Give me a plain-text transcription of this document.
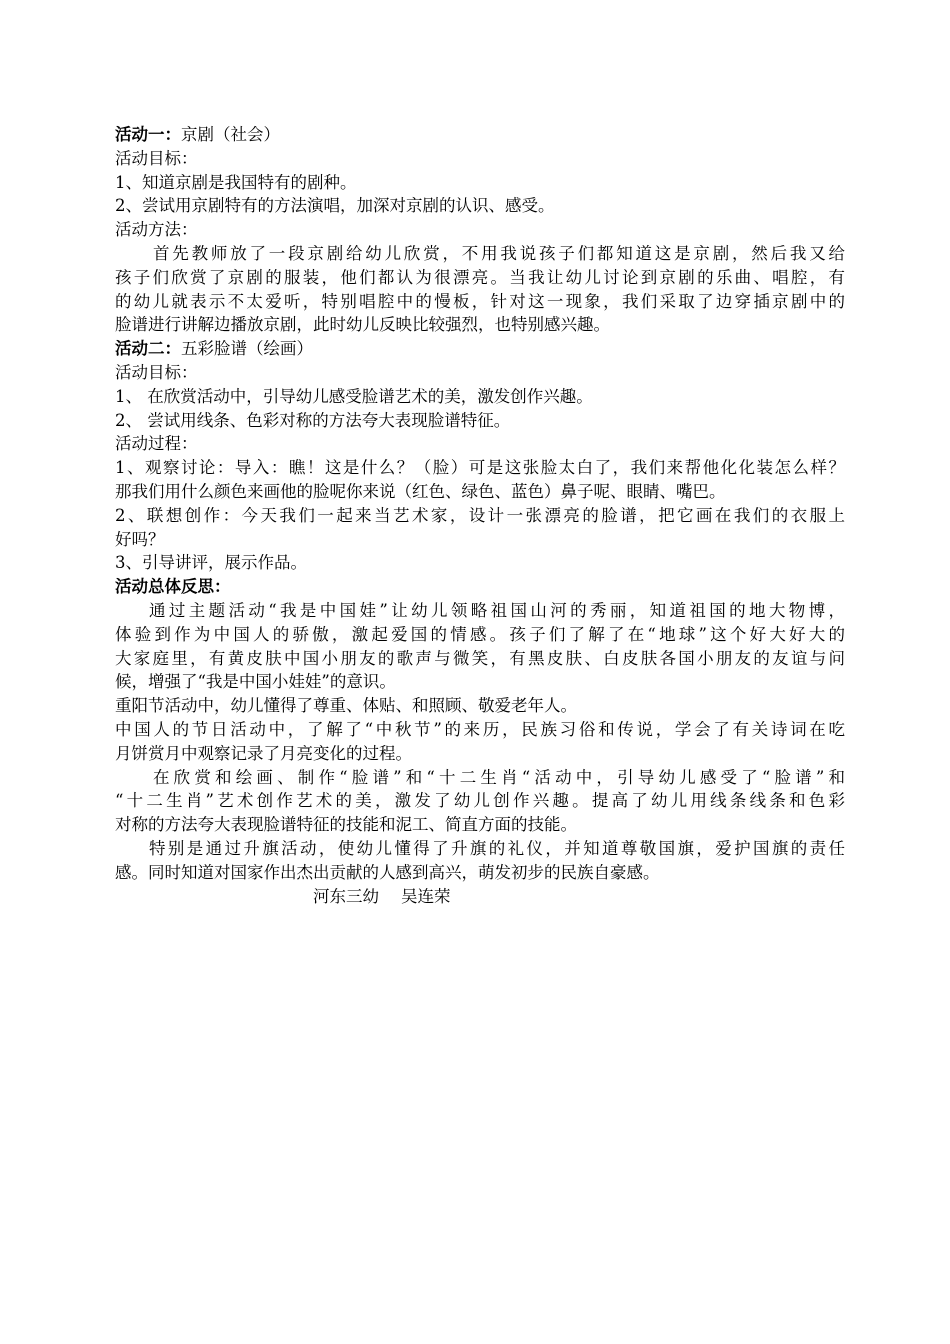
活动一：京剧（社会）
活动目标：
1、知道京剧是我国特有的剧种。
2、尝试用京剧特有的方法演唱，加深对京剧的认识、感受。
活动方法：
首先教师放了一段京剧给幼儿欣赏，不用我说孩子们都知道这是京剧，然后我又给
孩子们欣赏了京剧的服装，他们都认为很漂亮。当我让幼儿讨论到京剧的乐曲、唱腔，有
的幼儿就表示不太爱听，特别唱腔中的慢板，针对这一现象，我们采取了边穿插京剧中的
脸谱进行讲解边播放京剧，此时幼儿反映比较强烈，也特别感兴趣。
活动二：五彩脸谱（绘画）
活动目标：
1、 在欣赏活动中，引导幼儿感受脸谱艺术的美，激发创作兴趣。
2、 尝试用线条、色彩对称的方法夸大表现脸谱特征。
活动过程：
1、观察讨论：导入：瞧！这是什么？（脸）可是这张脸太白了，我们来帮他化化装怎么样？
那我们用什么颜色来画他的脸呢你来说（红色、绿色、蓝色）鼻子呢、眼睛、嘴巴。
2、联想创作：今天我们一起来当艺术家，设计一张漂亮的脸谱，把它画在我们的衣服上
好吗？
3、引导讲评，展示作品。
活动总体反思：
通过主题活动“我是中国娃”让幼儿领略祖国山河的秀丽，知道祖国的地大物博，
体验到作为中国人的骄傲，激起爱国的情感。孩子们了解了在“地球”这个好大好大的
大家庭里，有黄皮肤中国小朋友的歌声与微笑，有黑皮肤、白皮肤各国小朋友的友谊与问
候，增强了“我是中国小娃娃”的意识。
重阳节活动中，幼儿懂得了尊重、体贴、和照顾、敬爱老年人。
中国人的节日活动中，了解了“中秋节”的来历，民族习俗和传说，学会了有关诗词在吃
月饼赏月中观察记录了月亮变化的过程。
在欣赏和绘画、制作“脸谱”和“十二生肖“活动中，引导幼儿感受了“脸谱”和
“十二生肖”艺术创作艺术的美，激发了幼儿创作兴趣。提高了幼儿用线条线条和色彩
对称的方法夸大表现脸谱特征的技能和泥工、简直方面的技能。
特别是通过升旗活动，使幼儿懂得了升旗的礼仪，并知道尊敬国旗，爱护国旗的责任
感。同时知道对国家作出杰出贡献的人感到高兴，萌发初步的民族自豪感。
河东三幼 吴连荣
